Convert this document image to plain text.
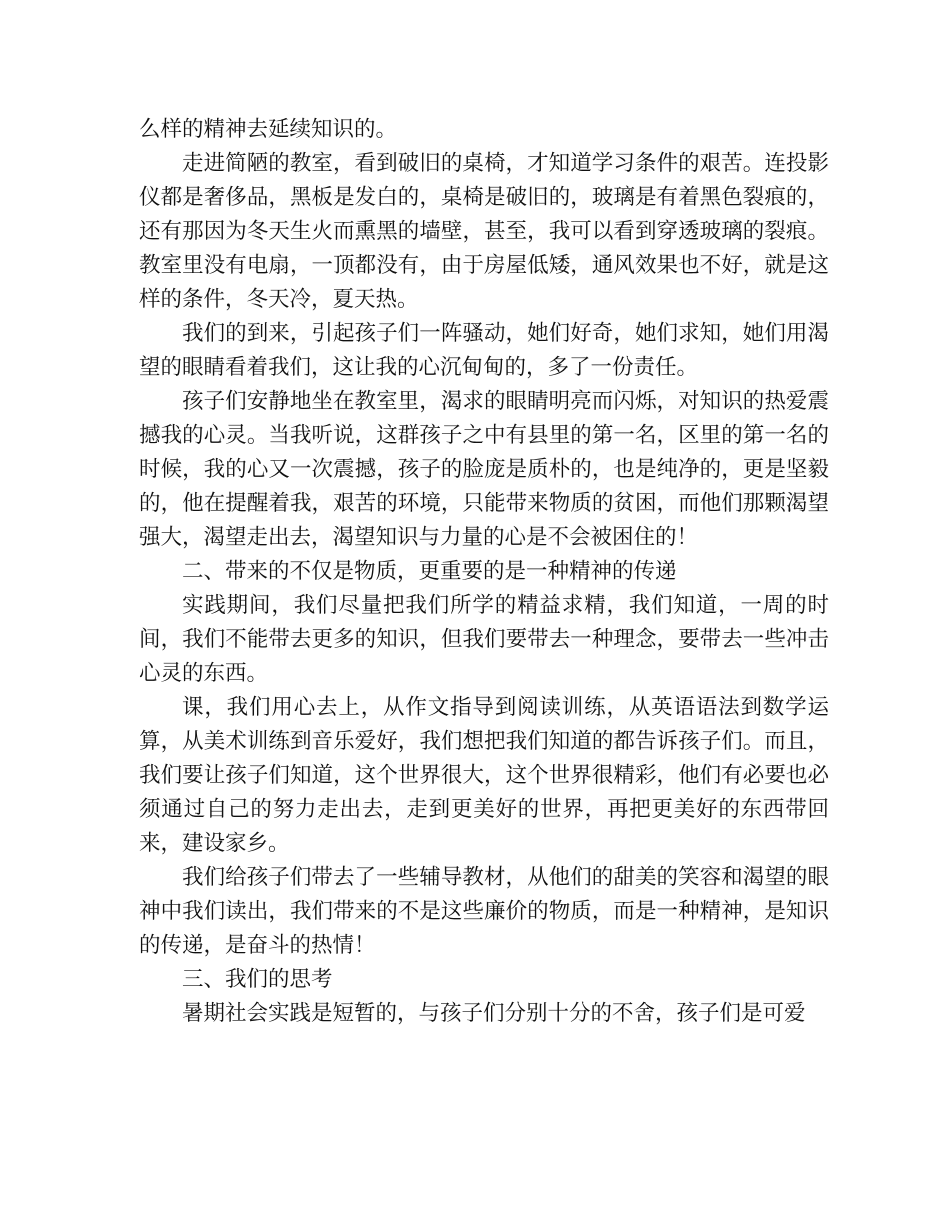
么样的精神去延续知识的。

走进简陋的教室，看到破旧的桌椅，才知道学习条件的艰苦。连投影仪都是奢侈品，黑板是发白的，桌椅是破旧的，玻璃是有着黑色裂痕的，还有那因为冬天生火而熏黑的墙壁，甚至，我可以看到穿透玻璃的裂痕。教室里没有电扇，一顶都没有，由于房屋低矮，通风效果也不好，就是这样的条件，冬天冷，夏天热。

我们的到来，引起孩子们一阵骚动，她们好奇，她们求知，她们用渴望的眼睛看着我们，这让我的心沉甸甸的，多了一份责任。

孩子们安静地坐在教室里，渴求的眼睛明亮而闪烁，对知识的热爱震撼我的心灵。当我听说，这群孩子之中有县里的第一名，区里的第一名的时候，我的心又一次震撼，孩子的脸庞是质朴的，也是纯净的，更是坚毅的，他在提醒着我，艰苦的环境，只能带来物质的贫困，而他们那颗渴望强大，渴望走出去，渴望知识与力量的心是不会被困住的！

二、带来的不仅是物质，更重要的是一种精神的传递

实践期间，我们尽量把我们所学的精益求精，我们知道，一周的时间，我们不能带去更多的知识，但我们要带去一种理念，要带去一些冲击心灵的东西。

课，我们用心去上，从作文指导到阅读训练，从英语语法到数学运算，从美术训练到音乐爱好，我们想把我们知道的都告诉孩子们。而且，我们要让孩子们知道，这个世界很大，这个世界很精彩，他们有必要也必须通过自己的努力走出去，走到更美好的世界，再把更美好的东西带回来，建设家乡。

我们给孩子们带去了一些辅导教材，从他们的甜美的笑容和渴望的眼神中我们读出，我们带来的不是这些廉价的物质，而是一种精神，是知识的传递，是奋斗的热情！

三、我们的思考

暑期社会实践是短暂的，与孩子们分别十分的不舍，孩子们是可爱
